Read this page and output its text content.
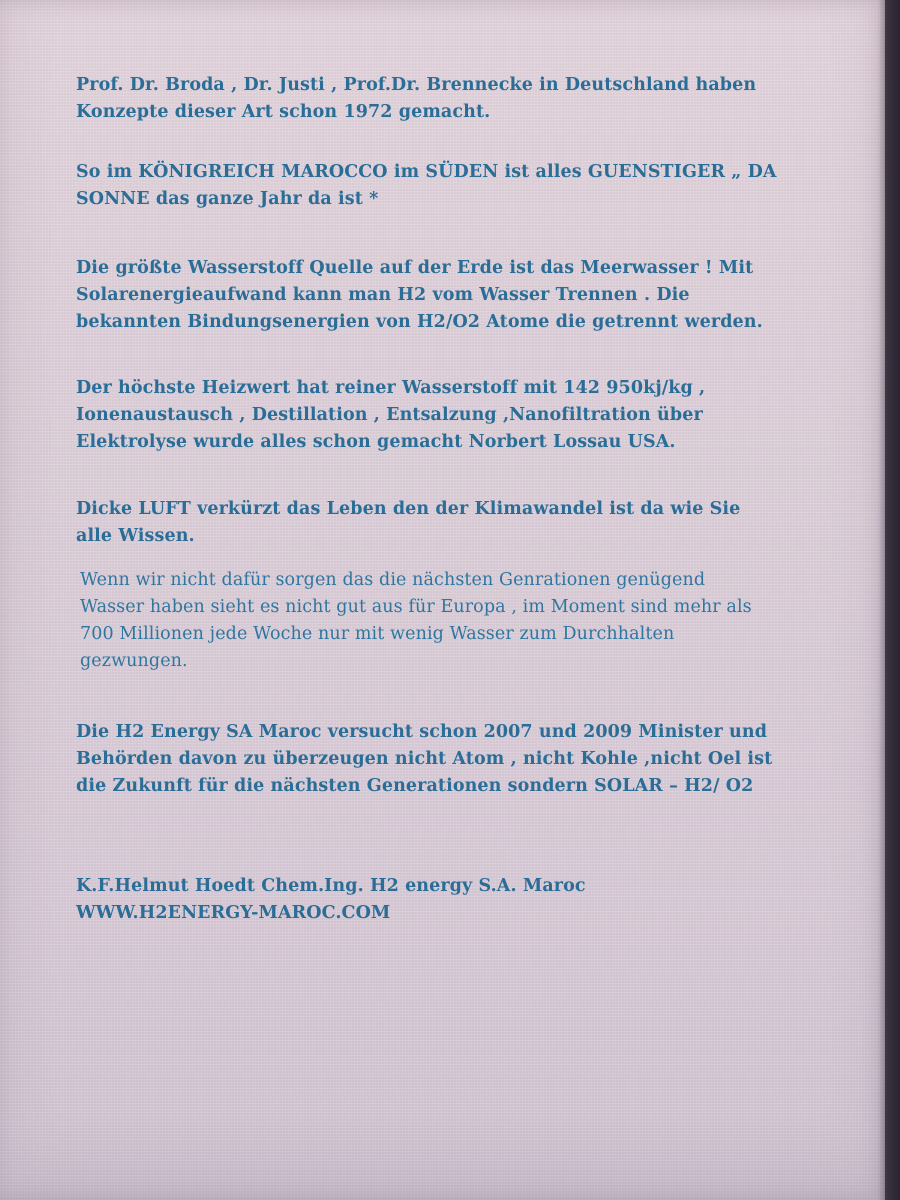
Prof. Dr. Broda , Dr. Justi , Prof.Dr. Brennecke in Deutschland haben
Konzepte dieser Art schon 1972 gemacht.

So im KÖNIGREICH MAROCCO im SÜDEN ist alles GUENSTIGER „ DA
SONNE das ganze Jahr da ist *

Die größte Wasserstoff Quelle auf der Erde ist das Meerwasser ! Mit
Solarenergieaufwand kann man H2 vom Wasser Trennen . Die
bekannten Bindungsenergien von H2/O2 Atome die getrennt werden.

Der höchste Heizwert hat reiner Wasserstoff mit 142 950kj/kg ,
Ionenaustausch , Destillation , Entsalzung ,Nanofiltration über
Elektrolyse wurde alles schon gemacht Norbert Lossau USA.

Dicke LUFT verkürzt das Leben den der Klimawandel ist da wie Sie
alle Wissen.

Wenn wir nicht dafür sorgen das die nächsten Genrationen genügend
Wasser haben sieht es nicht gut aus für Europa , im Moment sind mehr als
700 Millionen jede Woche nur mit wenig Wasser zum Durchhalten
gezwungen.

Die H2 Energy SA Maroc versucht schon 2007 und 2009 Minister und
Behörden davon zu überzeugen nicht Atom , nicht Kohle ,nicht Oel ist
die Zukunft für die nächsten Generationen sondern SOLAR – H2/ O2

K.F.Helmut Hoedt Chem.Ing. H2 energy S.A. Maroc
WWW.H2ENERGY-MAROC.COM
